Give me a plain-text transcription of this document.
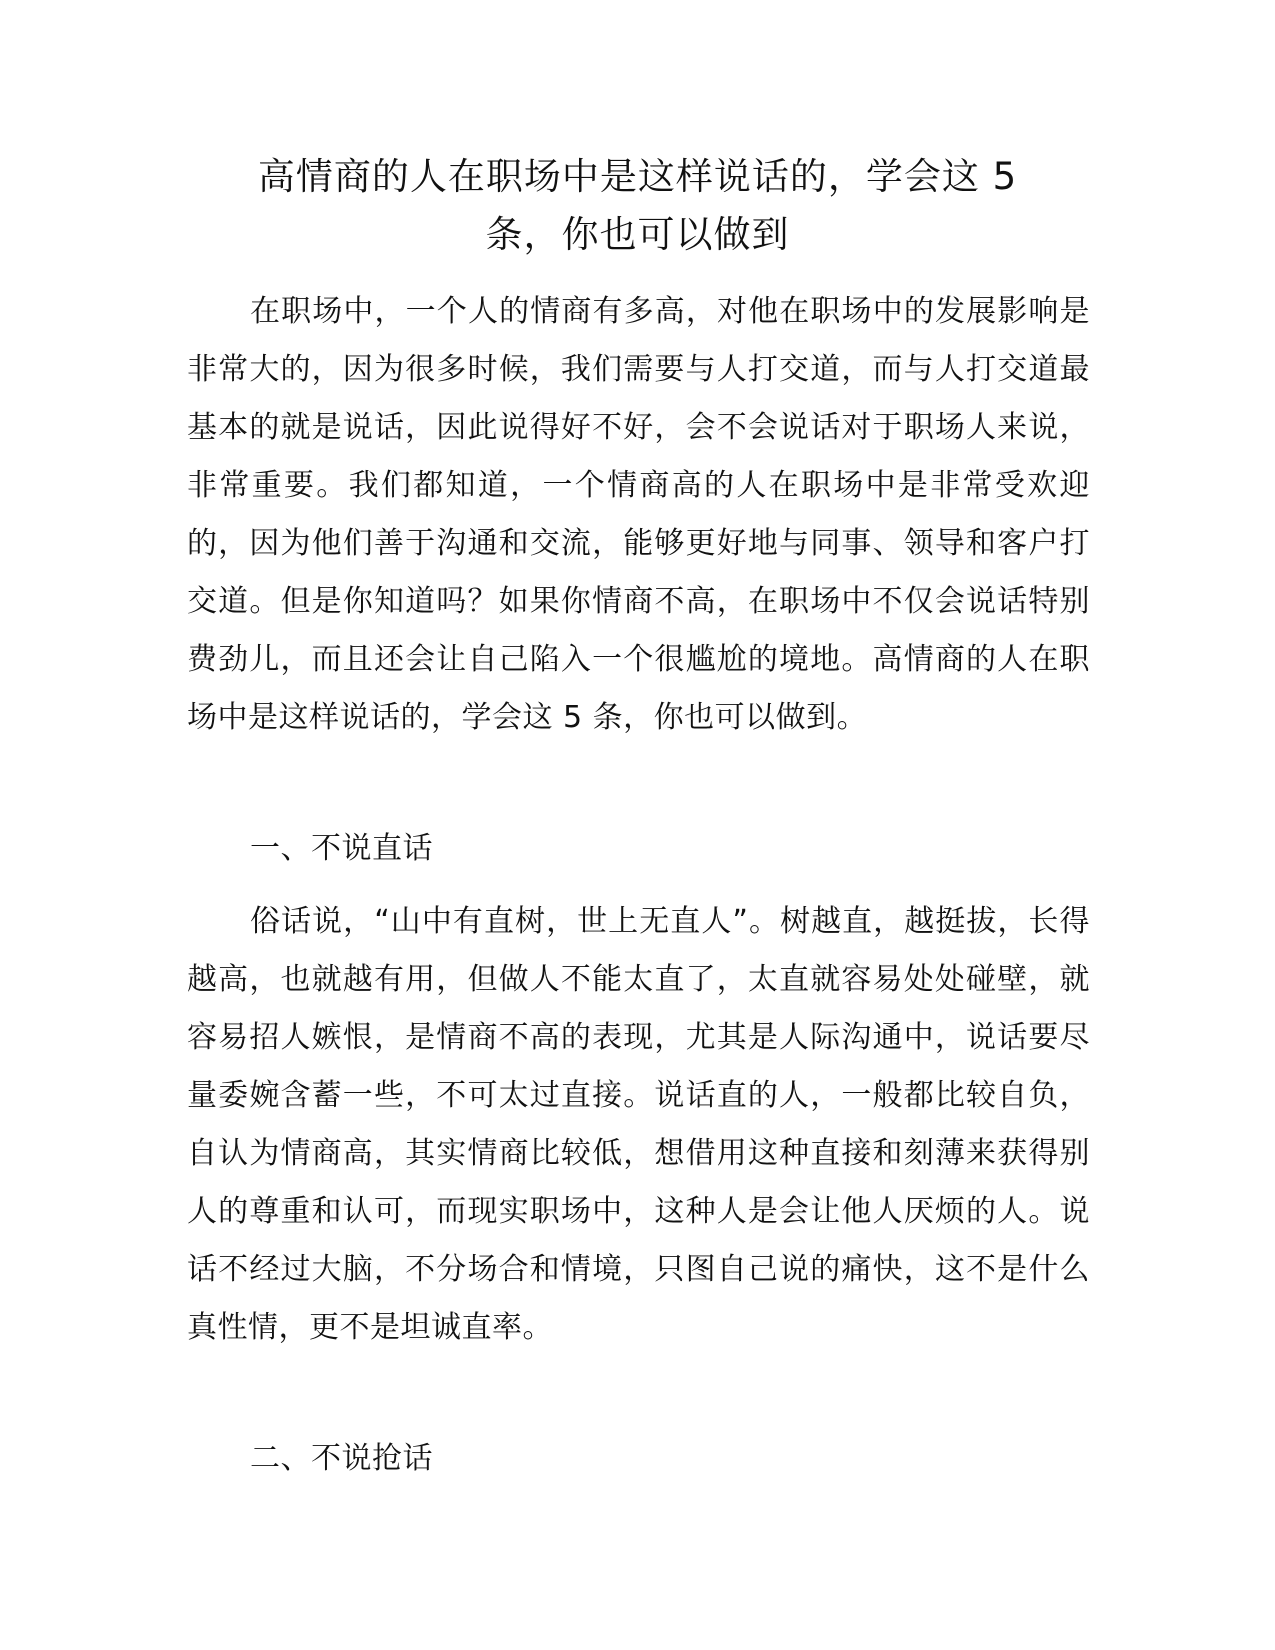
高情商的人在职场中是这样说话的，学会这 5
条，你也可以做到

在职场中，一个人的情商有多高，对他在职场中的发展影响是非常大的，因为很多时候，我们需要与人打交道，而与人打交道最基本的就是说话，因此说得好不好，会不会说话对于职场人来说，非常重要。我们都知道，一个情商高的人在职场中是非常受欢迎的，因为他们善于沟通和交流，能够更好地与同事、领导和客户打交道。但是你知道吗？如果你情商不高，在职场中不仅会说话特别费劲儿，而且还会让自己陷入一个很尴尬的境地。高情商的人在职场中是这样说话的，学会这 5 条，你也可以做到。

一、不说直话

俗话说，“山中有直树，世上无直人”。树越直，越挺拔，长得越高，也就越有用，但做人不能太直了，太直就容易处处碰壁，就容易招人嫉恨，是情商不高的表现，尤其是人际沟通中，说话要尽量委婉含蓄一些，不可太过直接。说话直的人，一般都比较自负，自认为情商高，其实情商比较低，想借用这种直接和刻薄来获得别人的尊重和认可，而现实职场中，这种人是会让他人厌烦的人。说话不经过大脑，不分场合和情境，只图自己说的痛快，这不是什么真性情，更不是坦诚直率。

二、不说抢话
